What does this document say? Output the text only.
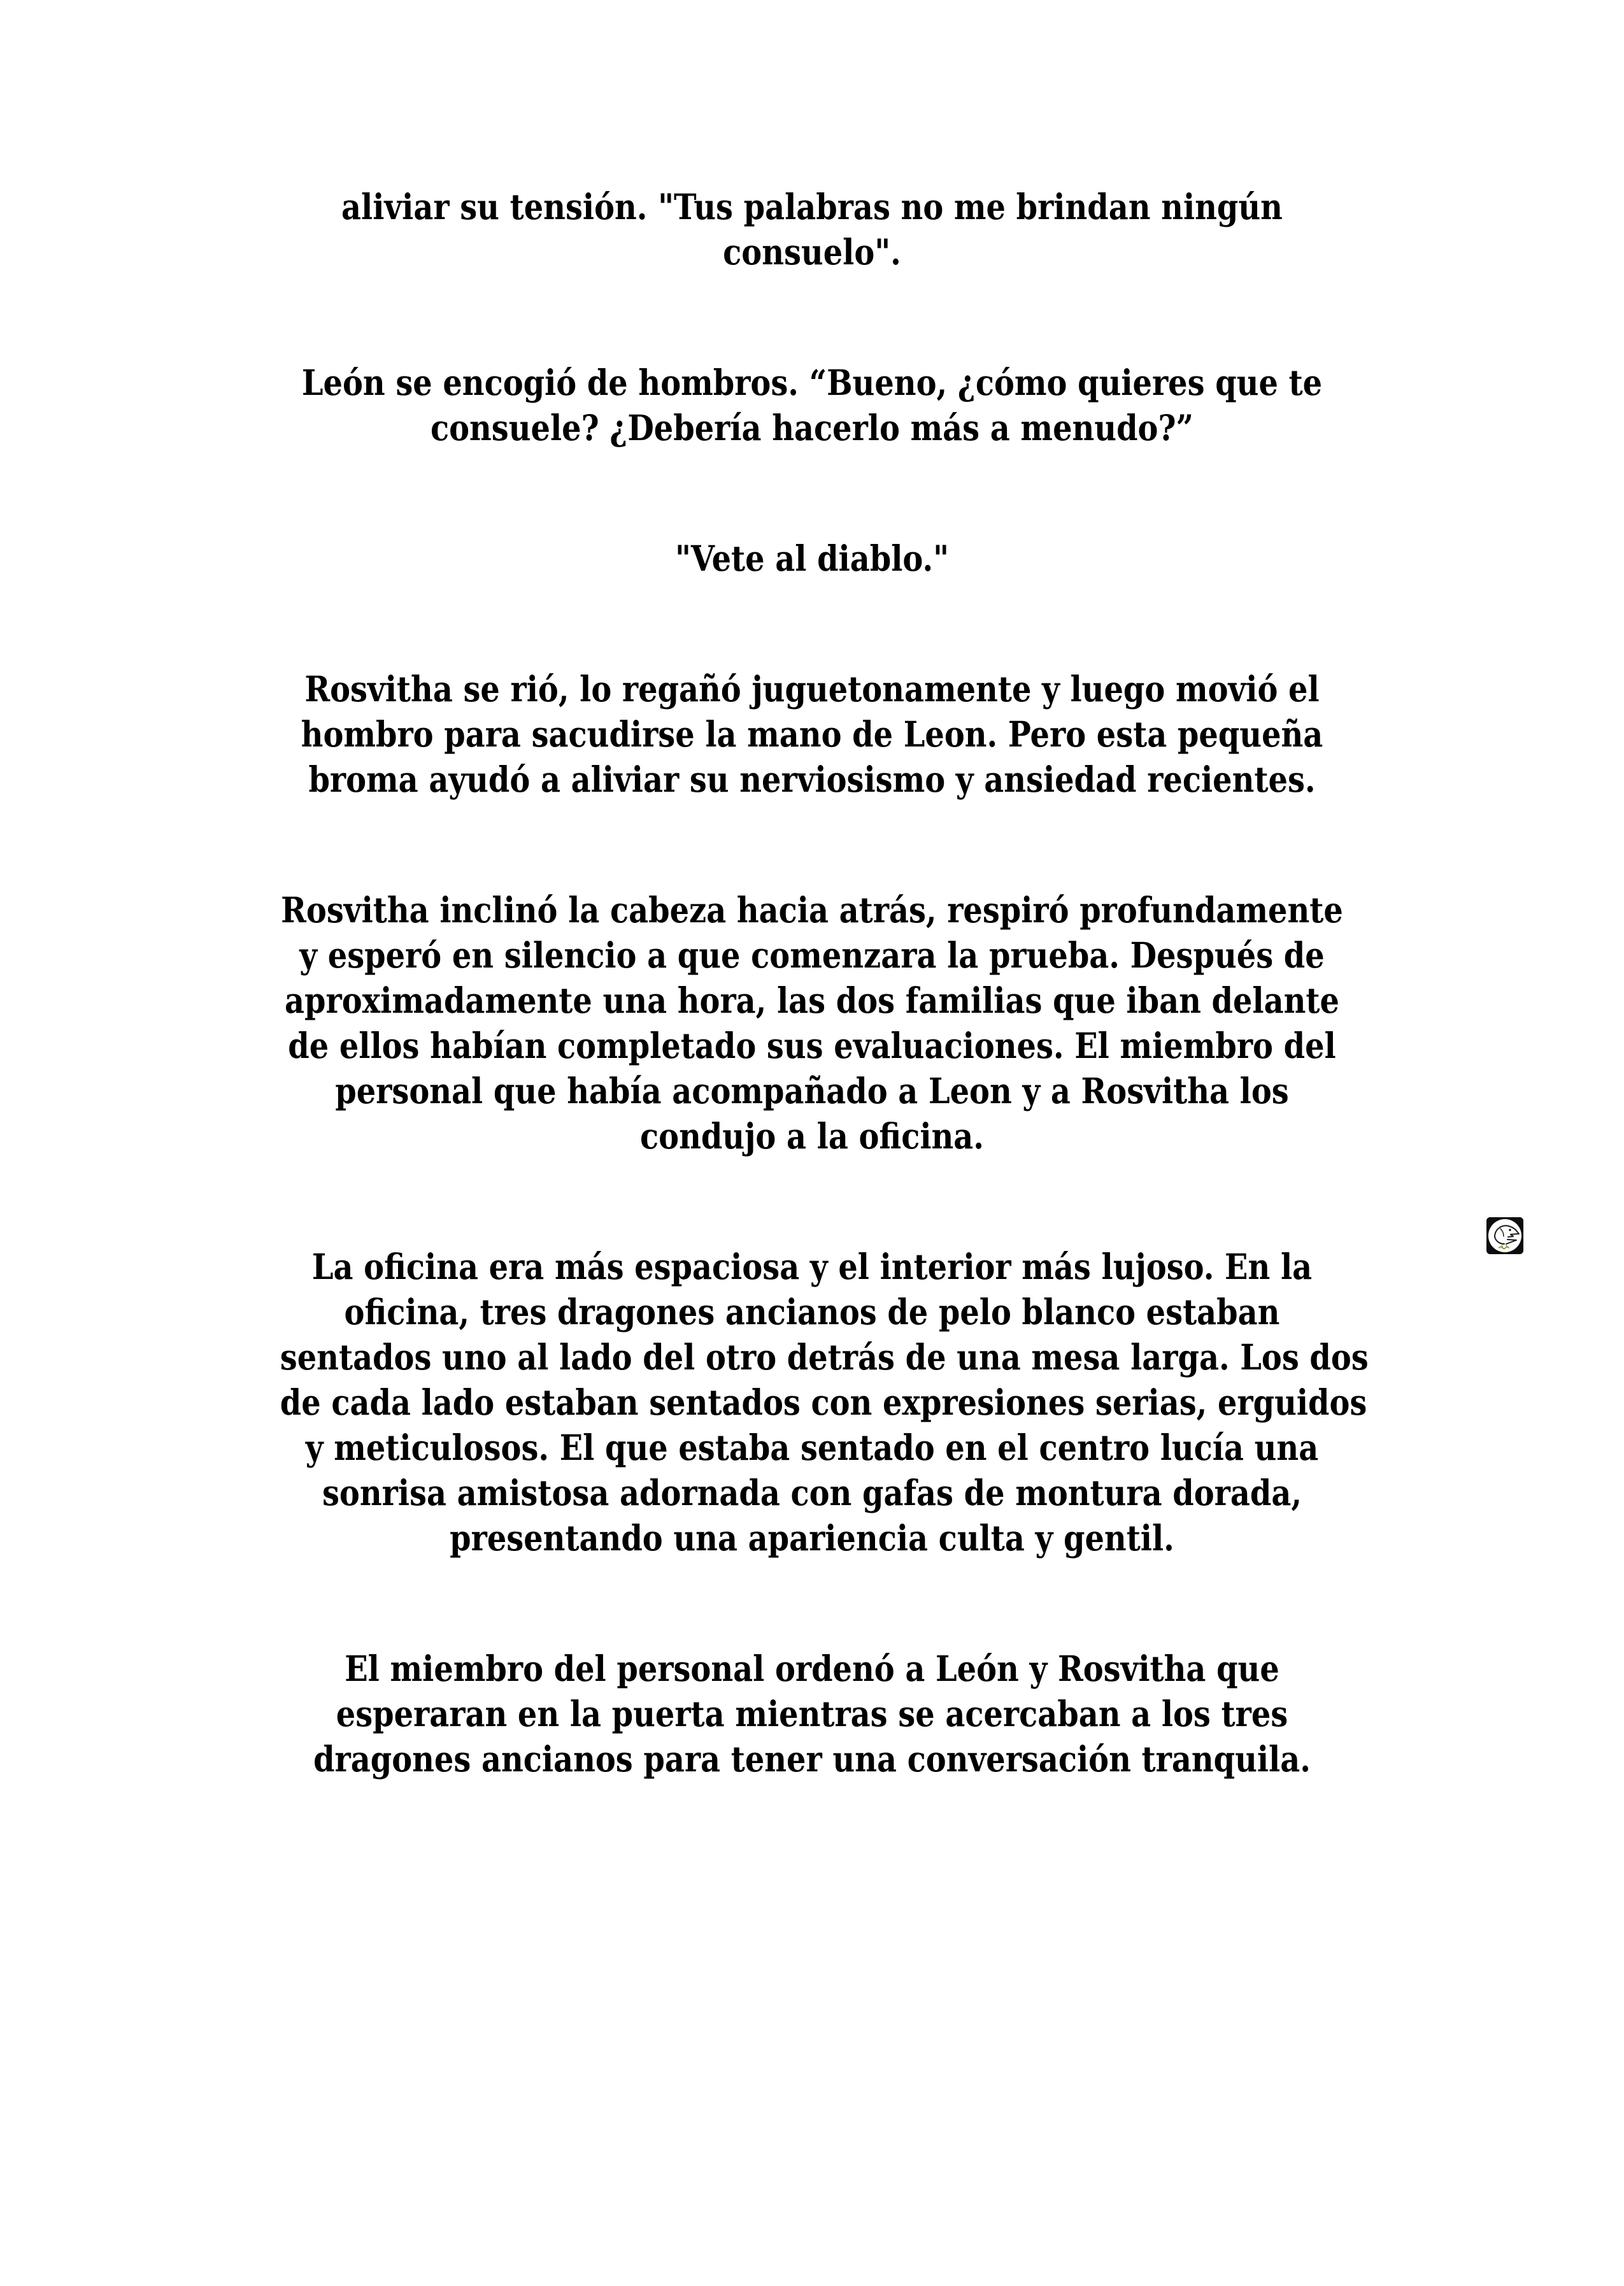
aliviar su tensión. "Tus palabras no me brindan ningún
consuelo".
León se encogió de hombros. “Bueno, ¿cómo quieres que te
consuele? ¿Debería hacerlo más a menudo?”
"Vete al diablo."
Rosvitha se rió, lo regañó juguetonamente y luego movió el
hombro para sacudirse la mano de Leon. Pero esta pequeña
broma ayudó a aliviar su nerviosismo y ansiedad recientes.
Rosvitha inclinó la cabeza hacia atrás, respiró profundamente
y esperó en silencio a que comenzara la prueba. Después de
aproximadamente una hora, las dos familias que iban delante
de ellos habían completado sus evaluaciones. El miembro del
personal que había acompañado a Leon y a Rosvitha los
condujo a la oficina.
La oficina era más espaciosa y el interior más lujoso. En la
oficina, tres dragones ancianos de pelo blanco estaban
sentados uno al lado del otro detrás de una mesa larga. Los dos
de cada lado estaban sentados con expresiones serias, erguidos
y meticulosos. El que estaba sentado en el centro lucía una
sonrisa amistosa adornada con gafas de montura dorada,
presentando una apariencia culta y gentil.
El miembro del personal ordenó a León y Rosvitha que
esperaran en la puerta mientras se acercaban a los tres
dragones ancianos para tener una conversación tranquila.
